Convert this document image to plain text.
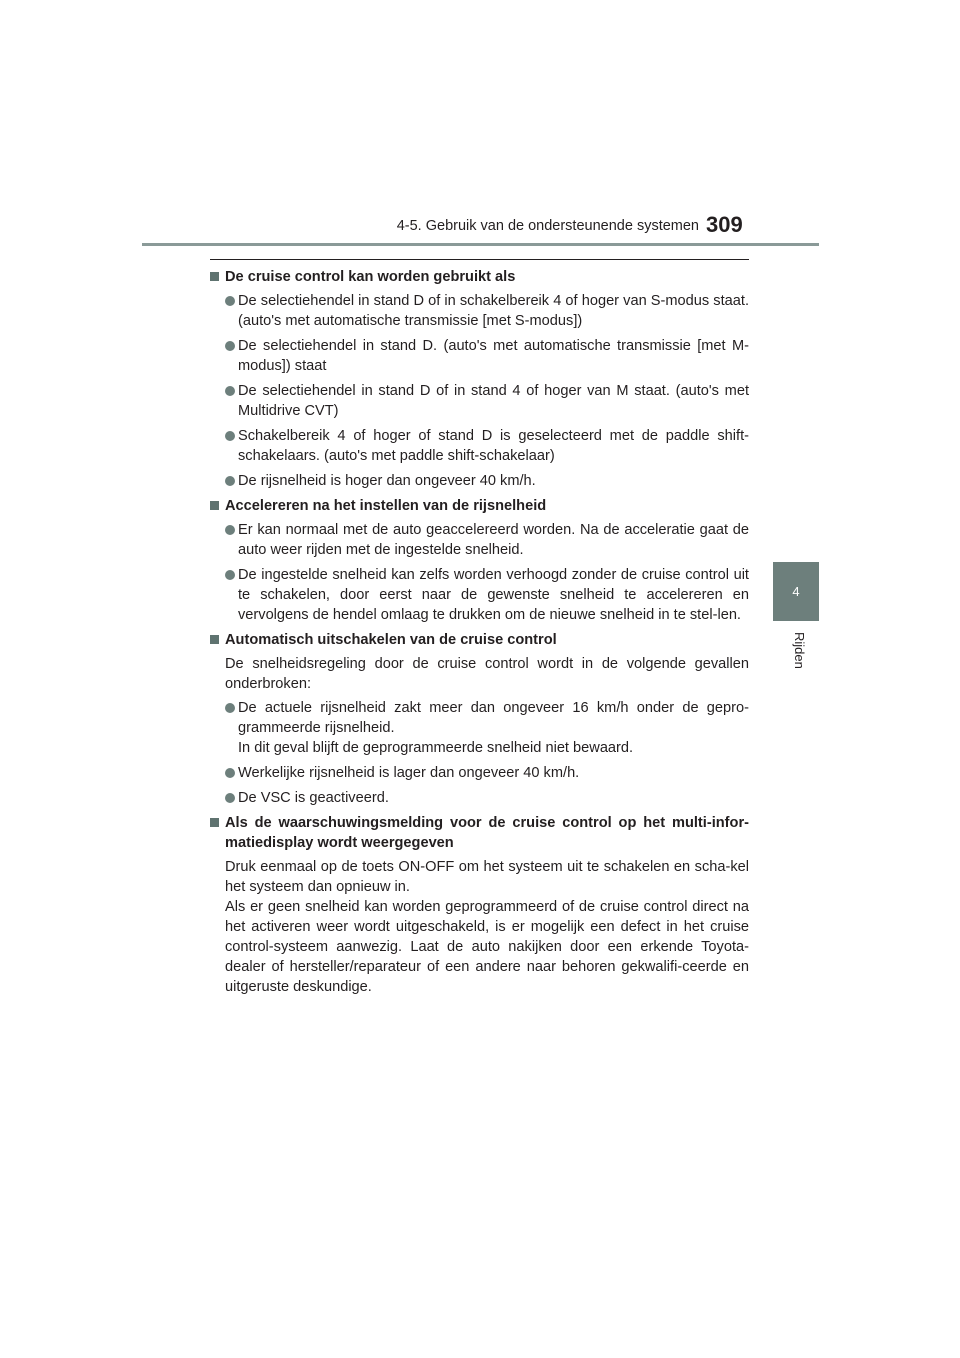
4-5. Gebruik van de ondersteunende systemen 309
4
Rijden
De cruise control kan worden gebruikt als
De selectiehendel in stand D of in schakelbereik 4 of hoger van S-modus staat. (auto's met automatische transmissie [met S-modus])
De selectiehendel in stand D. (auto's met automatische transmissie [met M-modus]) staat
De selectiehendel in stand D of in stand 4 of hoger van M staat. (auto's met Multidrive CVT)
Schakelbereik 4 of hoger of stand D is geselecteerd met de paddle shift-schakelaars. (auto's met paddle shift-schakelaar)
De rijsnelheid is hoger dan ongeveer 40 km/h.
Accelereren na het instellen van de rijsnelheid
Er kan normaal met de auto geaccelereerd worden. Na de acceleratie gaat de auto weer rijden met de ingestelde snelheid.
De ingestelde snelheid kan zelfs worden verhoogd zonder de cruise control uit te schakelen, door eerst naar de gewenste snelheid te accelereren en vervolgens de hendel omlaag te drukken om de nieuwe snelheid in te stel-len.
Automatisch uitschakelen van de cruise control
De snelheidsregeling door de cruise control wordt in de volgende gevallen onderbroken:
De actuele rijsnelheid zakt meer dan ongeveer 16 km/h onder de gepro-grammeerde rijsnelheid.
In dit geval blijft de geprogrammeerde snelheid niet bewaard.
Werkelijke rijsnelheid is lager dan ongeveer 40 km/h.
De VSC is geactiveerd.
Als de waarschuwingsmelding voor de cruise control op het multi-infor-matiedisplay wordt weergegeven
Druk eenmaal op de toets ON-OFF om het systeem uit te schakelen en scha-kel het systeem dan opnieuw in.
Als er geen snelheid kan worden geprogrammeerd of de cruise control direct na het activeren weer wordt uitgeschakeld, is er mogelijk een defect in het cruise control-systeem aanwezig. Laat de auto nakijken door een erkende Toyota-dealer of hersteller/reparateur of een andere naar behoren gekwalifi-ceerde en uitgeruste deskundige.
